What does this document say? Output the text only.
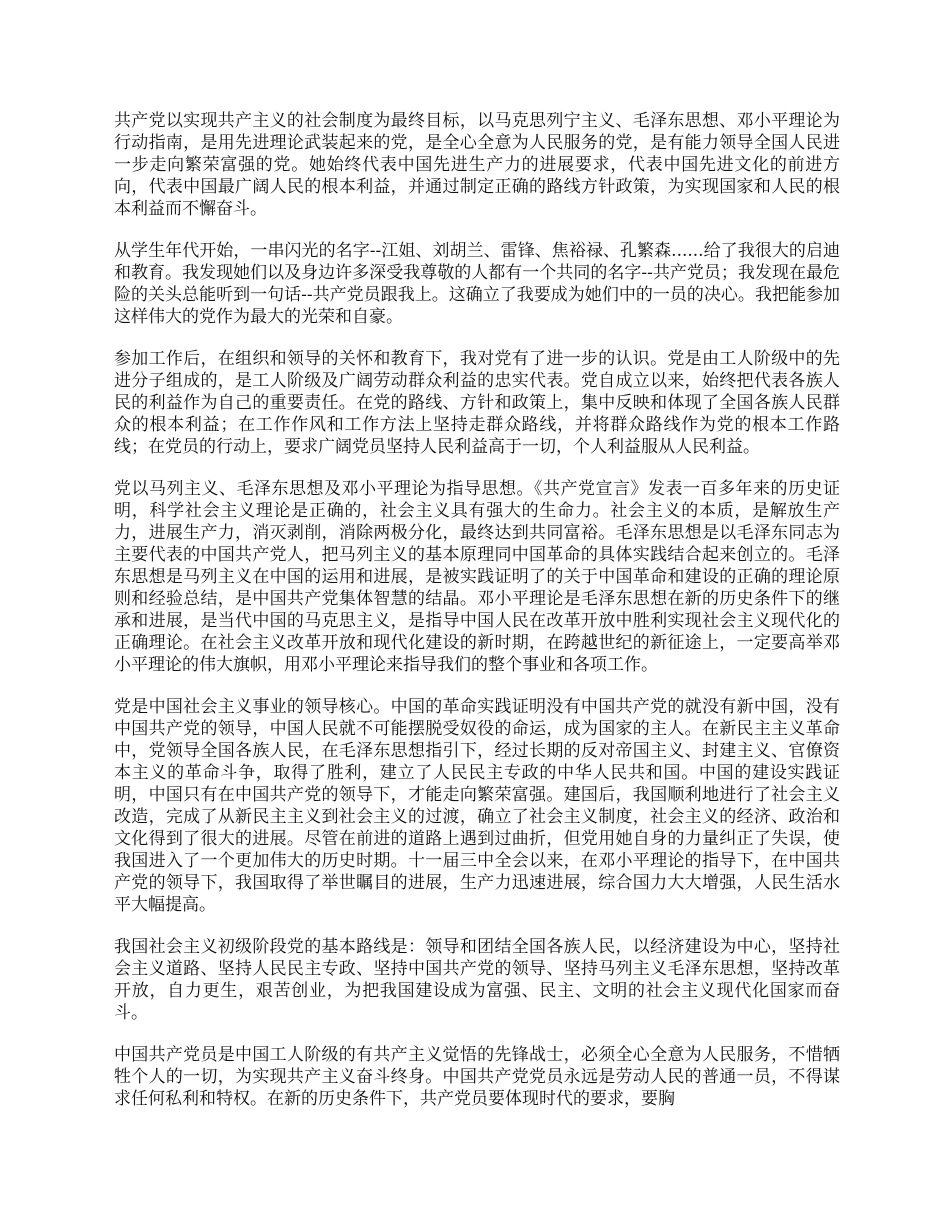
共产党以实现共产主义的社会制度为最终目标，以马克思列宁主义、毛泽东思想、邓小平理论为行动指南，是用先进理论武装起来的党，是全心全意为人民服务的党，是有能力领导全国人民进一步走向繁荣富强的党。她始终代表中国先进生产力的进展要求，代表中国先进文化的前进方向，代表中国最广阔人民的根本利益，并通过制定正确的路线方针政策，为实现国家和人民的根本利益而不懈奋斗。

从学生年代开始，一串闪光的名字--江姐、刘胡兰、雷锋、焦裕禄、孔繁森......给了我很大的启迪和教育。我发现她们以及身边许多深受我尊敬的人都有一个共同的名字--共产党员；我发现在最危险的关头总能听到一句话--共产党员跟我上。这确立了我要成为她们中的一员的决心。我把能参加这样伟大的党作为最大的光荣和自豪。

参加工作后，在组织和领导的关怀和教育下，我对党有了进一步的认识。党是由工人阶级中的先进分子组成的，是工人阶级及广阔劳动群众利益的忠实代表。党自成立以来，始终把代表各族人民的利益作为自己的重要责任。在党的路线、方针和政策上，集中反映和体现了全国各族人民群众的根本利益；在工作作风和工作方法上坚持走群众路线，并将群众路线作为党的根本工作路线；在党员的行动上，要求广阔党员坚持人民利益高于一切，个人利益服从人民利益。

党以马列主义、毛泽东思想及邓小平理论为指导思想。《共产党宣言》发表一百多年来的历史证明，科学社会主义理论是正确的，社会主义具有强大的生命力。社会主义的本质，是解放生产力，进展生产力，消灭剥削，消除两极分化，最终达到共同富裕。毛泽东思想是以毛泽东同志为主要代表的中国共产党人，把马列主义的基本原理同中国革命的具体实践结合起来创立的。毛泽东思想是马列主义在中国的运用和进展，是被实践证明了的关于中国革命和建设的正确的理论原则和经验总结，是中国共产党集体智慧的结晶。邓小平理论是毛泽东思想在新的历史条件下的继承和进展，是当代中国的马克思主义，是指导中国人民在改革开放中胜利实现社会主义现代化的正确理论。在社会主义改革开放和现代化建设的新时期，在跨越世纪的新征途上，一定要高举邓小平理论的伟大旗帜，用邓小平理论来指导我们的整个事业和各项工作。

党是中国社会主义事业的领导核心。中国的革命实践证明没有中国共产党的就没有新中国，没有中国共产党的领导，中国人民就不可能摆脱受奴役的命运，成为国家的主人。在新民主主义革命中，党领导全国各族人民，在毛泽东思想指引下，经过长期的反对帝国主义、封建主义、官僚资本主义的革命斗争，取得了胜利，建立了人民民主专政的中华人民共和国。中国的建设实践证明，中国只有在中国共产党的领导下，才能走向繁荣富强。建国后，我国顺利地进行了社会主义改造，完成了从新民主主义到社会主义的过渡，确立了社会主义制度，社会主义的经济、政治和文化得到了很大的进展。尽管在前进的道路上遇到过曲折，但党用她自身的力量纠正了失误，使我国进入了一个更加伟大的历史时期。十一届三中全会以来，在邓小平理论的指导下，在中国共产党的领导下，我国取得了举世瞩目的进展，生产力迅速进展，综合国力大大增强，人民生活水平大幅提高。

我国社会主义初级阶段党的基本路线是：领导和团结全国各族人民，以经济建设为中心，坚持社会主义道路、坚持人民民主专政、坚持中国共产党的领导、坚持马列主义毛泽东思想，坚持改革开放，自力更生，艰苦创业，为把我国建设成为富强、民主、文明的社会主义现代化国家而奋斗。

中国共产党员是中国工人阶级的有共产主义觉悟的先锋战士，必须全心全意为人民服务，不惜牺牲个人的一切，为实现共产主义奋斗终身。中国共产党党员永远是劳动人民的普通一员，不得谋求任何私利和特权。在新的历史条件下，共产党员要体现时代的要求，要胸
